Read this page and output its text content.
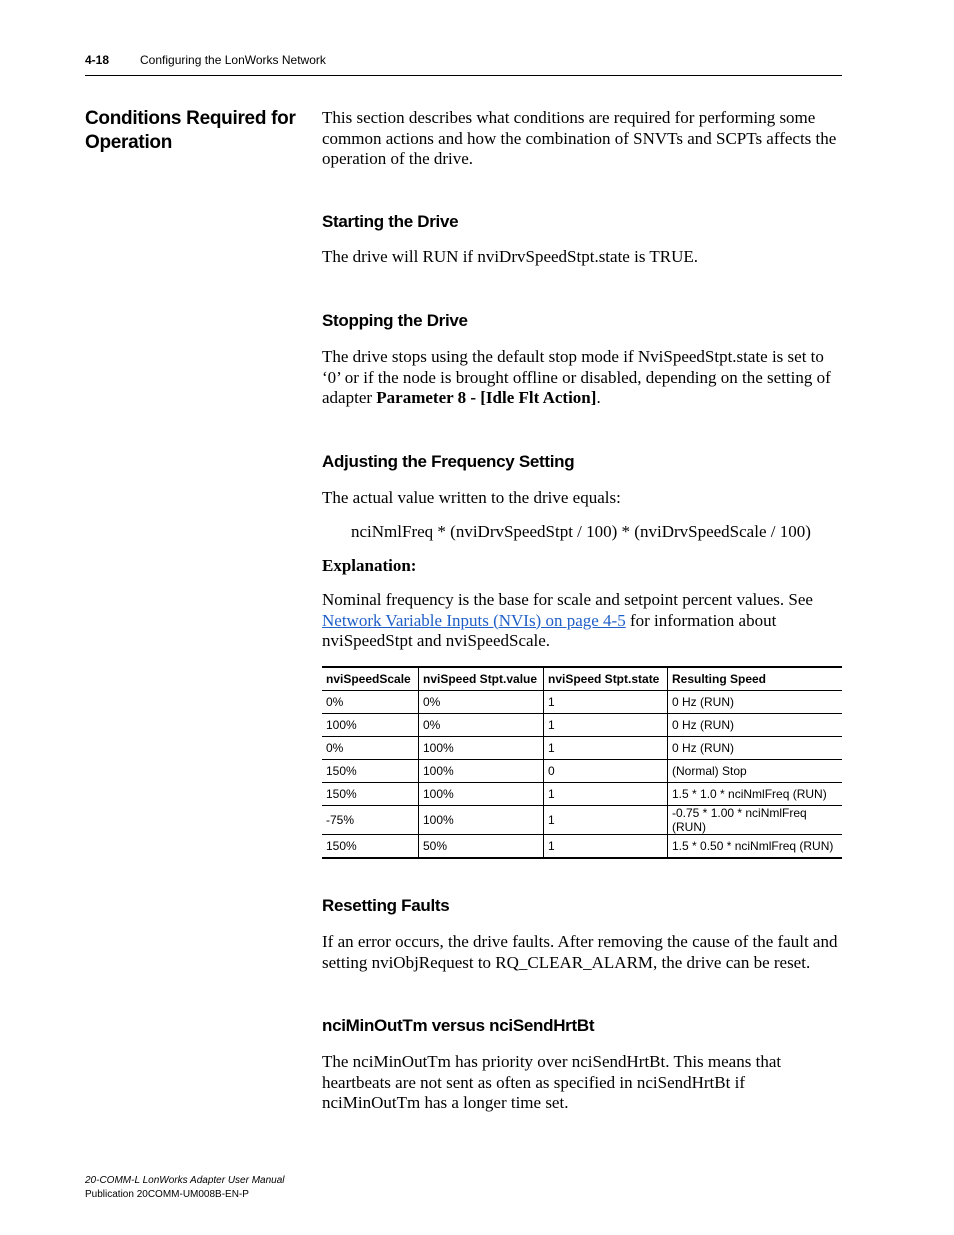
4-18	Configuring the LonWorks Network
Conditions Required for Operation
This section describes what conditions are required for performing some common actions and how the combination of SNVTs and SCPTs affects the operation of the drive.
Starting the Drive
The drive will RUN if nviDrvSpeedStpt.state is TRUE.
Stopping the Drive
The drive stops using the default stop mode if NviSpeedStpt.state is set to ‘0’ or if the node is brought offline or disabled, depending on the setting of adapter Parameter 8 - [Idle Flt Action].
Adjusting the Frequency Setting
The actual value written to the drive equals:
nciNmlFreq * (nviDrvSpeedStpt / 100) * (nviDrvSpeedScale / 100)
Explanation:
Nominal frequency is the base for scale and setpoint percent values. See Network Variable Inputs (NVIs) on page 4-5 for information about nviSpeedStpt and nviSpeedScale.
nviSpeedScale	nviSpeed Stpt.value	nviSpeed Stpt.state	Resulting Speed
0%	0%	1	0 Hz (RUN)
100%	0%	1	0 Hz (RUN)
0%	100%	1	0 Hz (RUN)
150%	100%	0	(Normal) Stop
150%	100%	1	1.5 * 1.0 * nciNmlFreq (RUN)
-75%	100%	1	-0.75 * 1.00 * nciNmlFreq (RUN)
150%	50%	1	1.5 * 0.50 * nciNmlFreq (RUN)
Resetting Faults
If an error occurs, the drive faults. After removing the cause of the fault and setting nviObjRequest to RQ_CLEAR_ALARM, the drive can be reset.
nciMinOutTm versus nciSendHrtBt
The nciMinOutTm has priority over nciSendHrtBt. This means that heartbeats are not sent as often as specified in nciSendHrtBt if nciMinOutTm has a longer time set.
20-COMM-L LonWorks Adapter User Manual
Publication 20COMM-UM008B-EN-P
